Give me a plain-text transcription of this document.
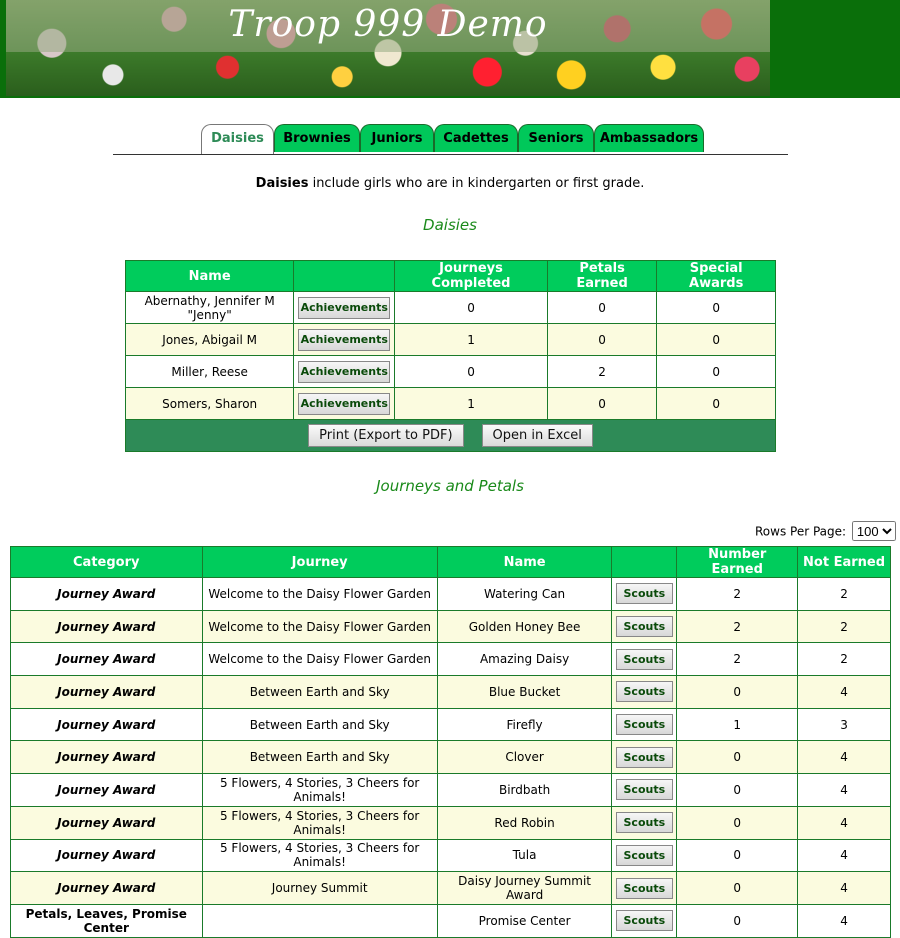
Troop 999 Demo
Daisies	Brownies	Juniors	Cadettes	Seniors	Ambassadors
Daisies include girls who are in kindergarten or first grade.
Daisies
Name		Journeys Completed	Petals Earned	Special Awards
Abernathy, Jennifer M "Jenny"	Achievements	0	0	0
Jones, Abigail M	Achievements	1	0	0
Miller, Reese	Achievements	0	2	0
Somers, Sharon	Achievements	1	0	0
Print (Export to PDF) Open in Excel				
Journeys and Petals
Rows Per Page:
100
Category	Journey	Name		Number Earned	Not Earned
Journey Award	Welcome to the Daisy Flower Garden	Watering Can	Scouts	2	2
Journey Award	Welcome to the Daisy Flower Garden	Golden Honey Bee	Scouts	2	2
Journey Award	Welcome to the Daisy Flower Garden	Amazing Daisy	Scouts	2	2
Journey Award	Between Earth and Sky	Blue Bucket	Scouts	0	4
Journey Award	Between Earth and Sky	Firefly	Scouts	1	3
Journey Award	Between Earth and Sky	Clover	Scouts	0	4
Journey Award	5 Flowers, 4 Stories, 3 Cheers for Animals!	Birdbath	Scouts	0	4
Journey Award	5 Flowers, 4 Stories, 3 Cheers for Animals!	Red Robin	Scouts	0	4
Journey Award	5 Flowers, 4 Stories, 3 Cheers for Animals!	Tula	Scouts	0	4
Journey Award	Journey Summit	Daisy Journey Summit Award	Scouts	0	4
Petals, Leaves, Promise Center		Promise Center	Scouts	0	4
